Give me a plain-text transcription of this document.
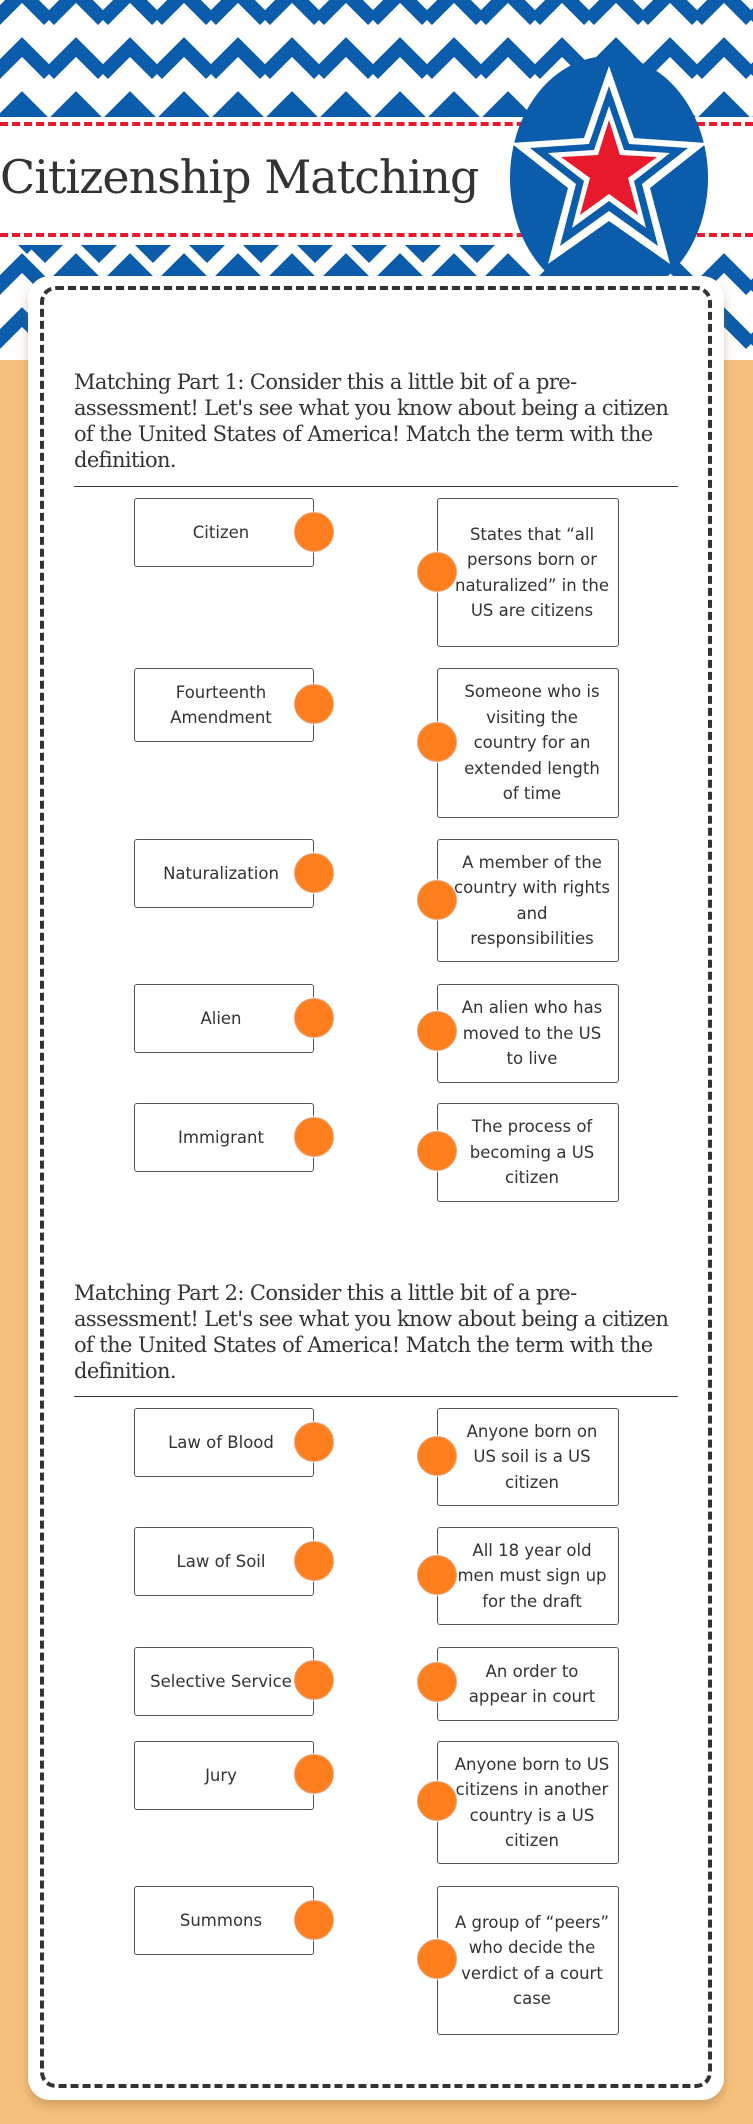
Citizenship Matching
Matching Part 1: Consider this a little bit of a pre-assessment! Let's see what you know about being a citizen of the United States of America! Match the term with the definition.
Citizen	States that “all persons born or naturalized” in the US are citizens
Fourteenth Amendment
Someone who is visiting the country for an extended length of time
Naturalization
A member of the country with rights and responsibilities
Alien
An alien who has moved to the US to live
Immigrant
The process of becoming a US citizen
Matching Part 2: Consider this a little bit of a pre-assessment! Let's see what you know about being a citizen of the United States of America! Match the term with the definition.
Law of Blood
Anyone born on US soil is a US citizen
Law of Soil
All 18 year old men must sign up for the draft
Selective Service
An order to appear in court
Jury
Anyone born to US citizens in another country is a US citizen
Summons	A group of “peers” who decide the verdict of a court case
